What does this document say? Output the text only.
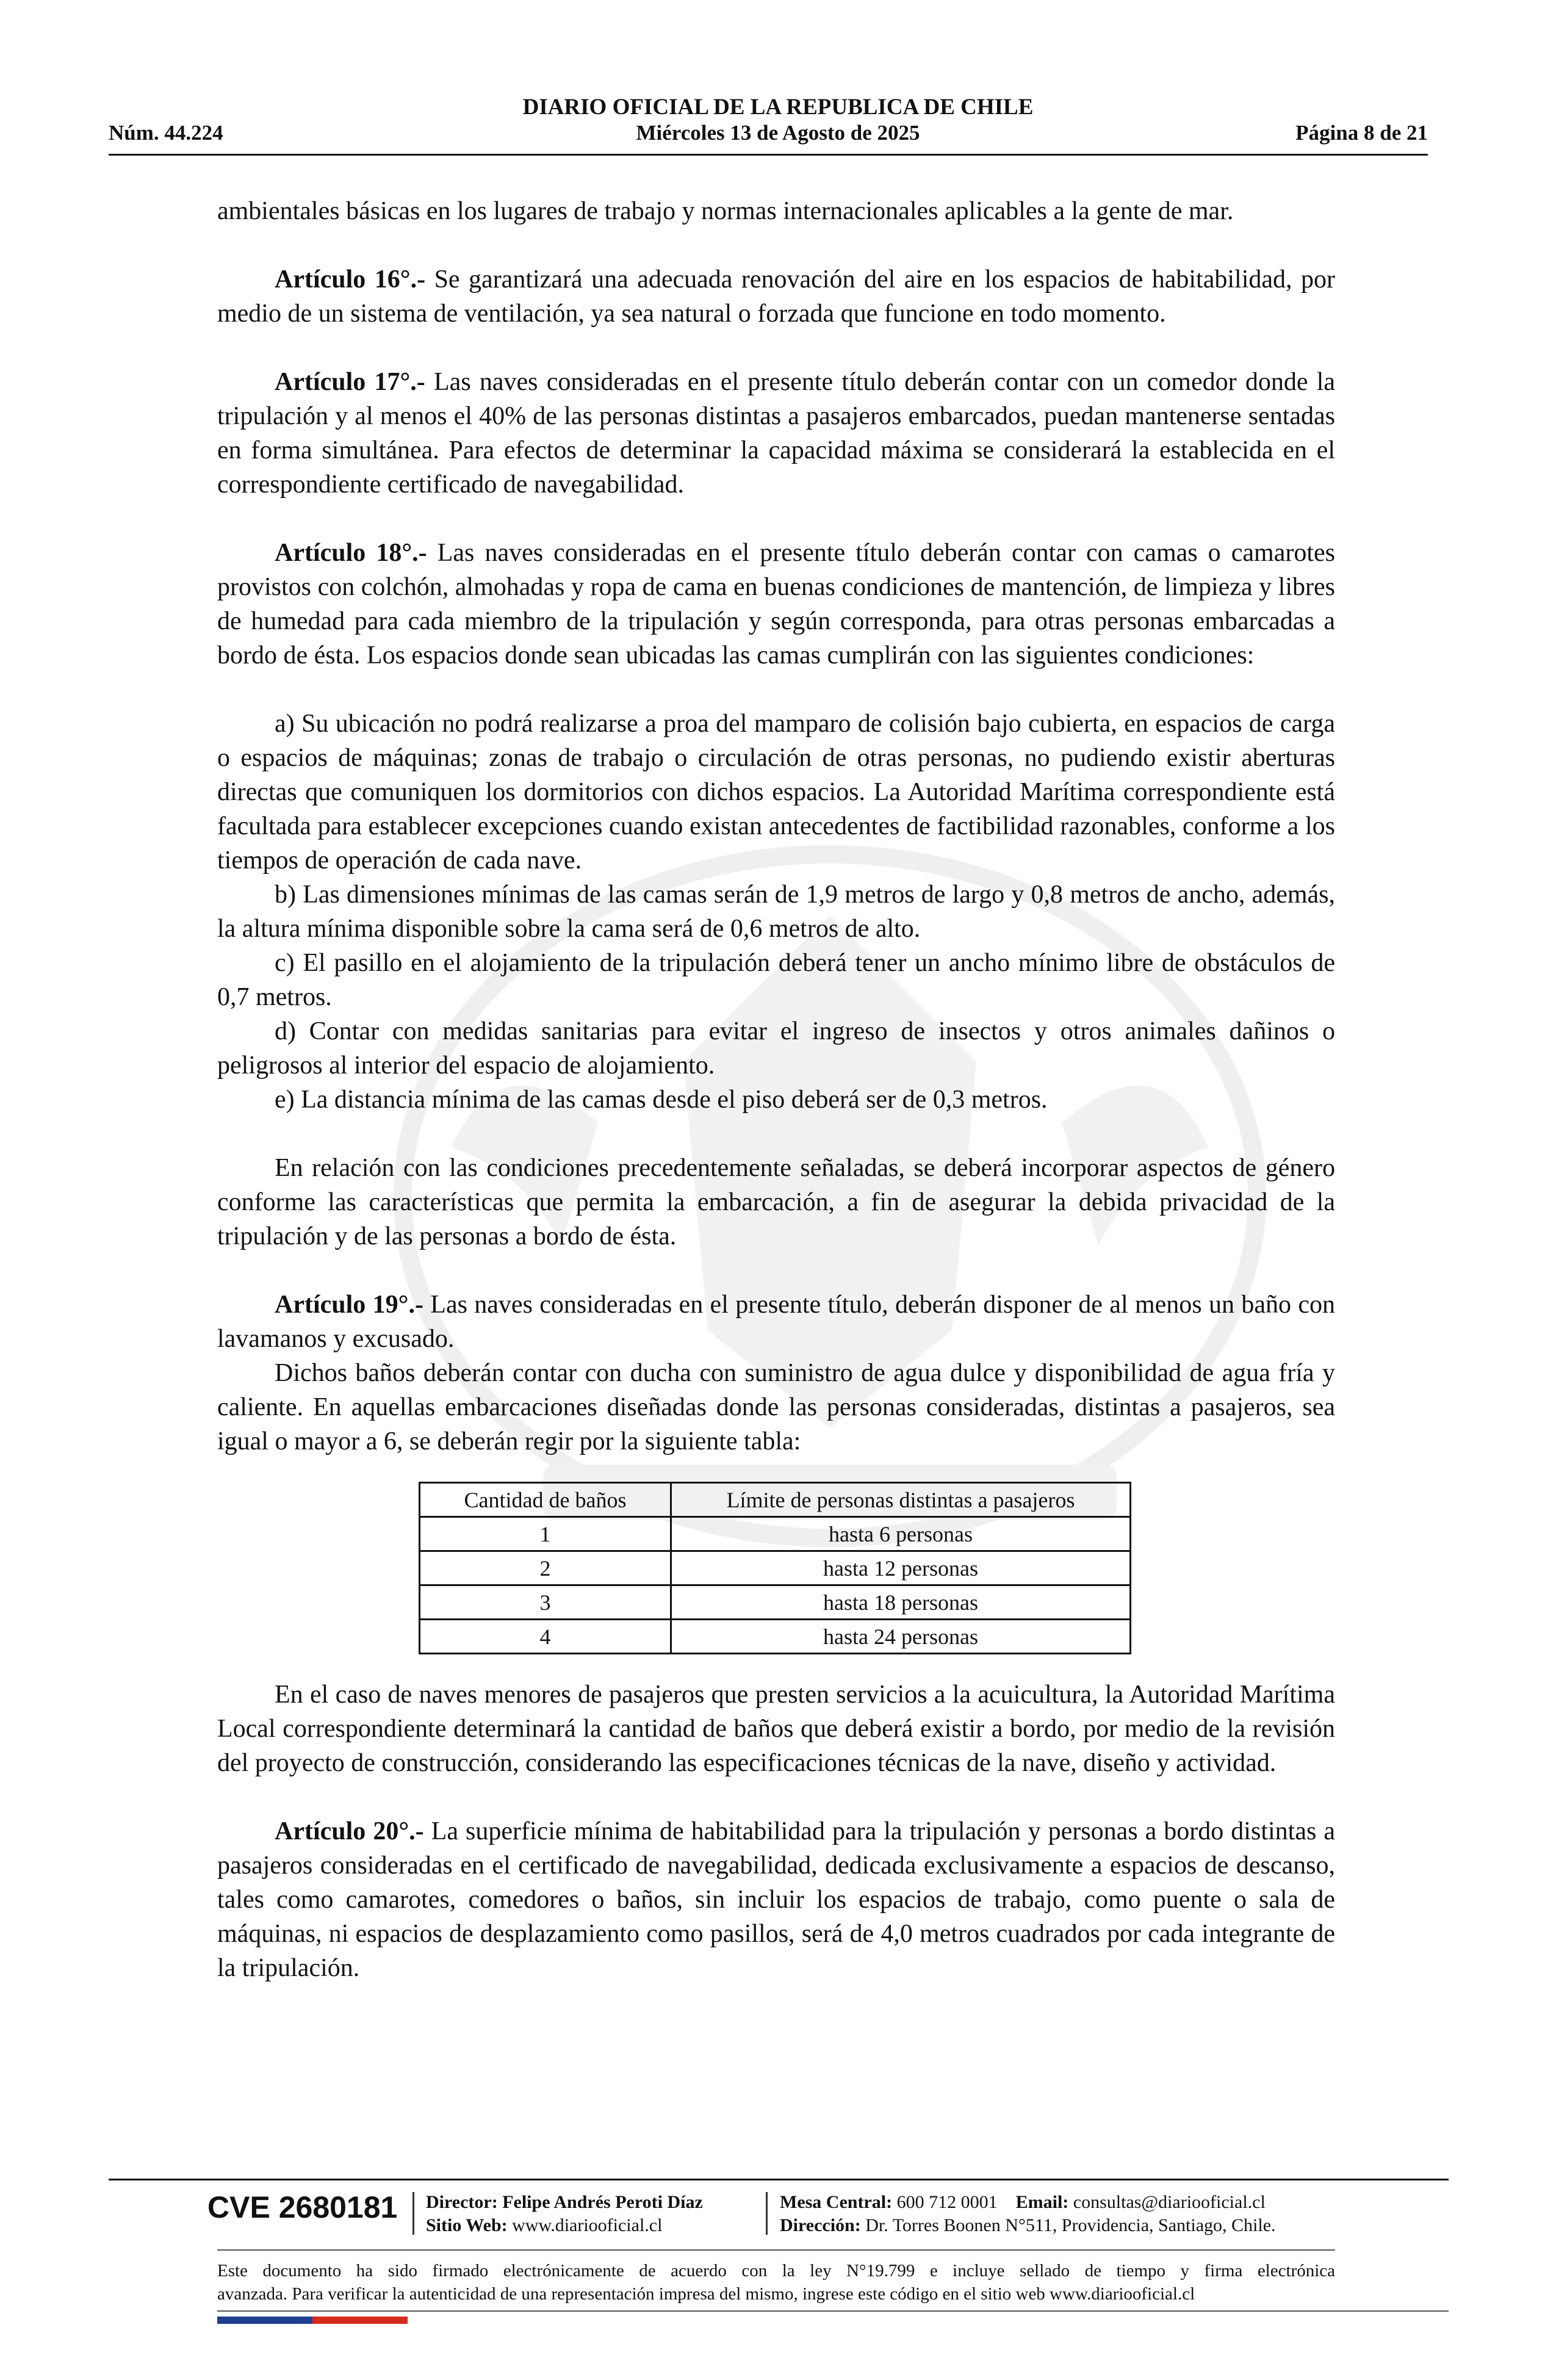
DIARIO OFICIAL DE LA REPUBLICA DE CHILE
Núm. 44.224	Miércoles 13 de Agosto de 2025	Página 8 de 21

ambientales básicas en los lugares de trabajo y normas internacionales aplicables a la gente de mar.

Artículo 16°.- Se garantizará una adecuada renovación del aire en los espacios de habitabilidad, por medio de un sistema de ventilación, ya sea natural o forzada que funcione en todo momento.

Artículo 17°.- Las naves consideradas en el presente título deberán contar con un comedor donde la tripulación y al menos el 40% de las personas distintas a pasajeros embarcados, puedan mantenerse sentadas en forma simultánea. Para efectos de determinar la capacidad máxima se considerará la establecida en el correspondiente certificado de navegabilidad.

Artículo 18°.- Las naves consideradas en el presente título deberán contar con camas o camarotes provistos con colchón, almohadas y ropa de cama en buenas condiciones de mantención, de limpieza y libres de humedad para cada miembro de la tripulación y según corresponda, para otras personas embarcadas a bordo de ésta. Los espacios donde sean ubicadas las camas cumplirán con las siguientes condiciones:

a) Su ubicación no podrá realizarse a proa del mamparo de colisión bajo cubierta, en espacios de carga o espacios de máquinas; zonas de trabajo o circulación de otras personas, no pudiendo existir aberturas directas que comuniquen los dormitorios con dichos espacios. La Autoridad Marítima correspondiente está facultada para establecer excepciones cuando existan antecedentes de factibilidad razonables, conforme a los tiempos de operación de cada nave.

b) Las dimensiones mínimas de las camas serán de 1,9 metros de largo y 0,8 metros de ancho, además, la altura mínima disponible sobre la cama será de 0,6 metros de alto.

c) El pasillo en el alojamiento de la tripulación deberá tener un ancho mínimo libre de obstáculos de 0,7 metros.

d) Contar con medidas sanitarias para evitar el ingreso de insectos y otros animales dañinos o peligrosos al interior del espacio de alojamiento.

e) La distancia mínima de las camas desde el piso deberá ser de 0,3 metros.

En relación con las condiciones precedentemente señaladas, se deberá incorporar aspectos de género conforme las características que permita la embarcación, a fin de asegurar la debida privacidad de la tripulación y de las personas a bordo de ésta.

Artículo 19°.- Las naves consideradas en el presente título, deberán disponer de al menos un baño con lavamanos y excusado.

Dichos baños deberán contar con ducha con suministro de agua dulce y disponibilidad de agua fría y caliente. En aquellas embarcaciones diseñadas donde las personas consideradas, distintas a pasajeros, sea igual o mayor a 6, se deberán regir por la siguiente tabla:

Cantidad de baños	Límite de personas distintas a pasajeros
1	hasta 6 personas
2	hasta 12 personas
3	hasta 18 personas
4	hasta 24 personas

En el caso de naves menores de pasajeros que presten servicios a la acuicultura, la Autoridad Marítima Local correspondiente determinará la cantidad de baños que deberá existir a bordo, por medio de la revisión del proyecto de construcción, considerando las especificaciones técnicas de la nave, diseño y actividad.

Artículo 20°.- La superficie mínima de habitabilidad para la tripulación y personas a bordo distintas a pasajeros consideradas en el certificado de navegabilidad, dedicada exclusivamente a espacios de descanso, tales como camarotes, comedores o baños, sin incluir los espacios de trabajo, como puente o sala de máquinas, ni espacios de desplazamiento como pasillos, será de 4,0 metros cuadrados por cada integrante de la tripulación.

CVE 2680181 Director: Felipe Andrés Peroti Díaz
Sitio Web: www.diariooficial.cl
Mesa Central: 600 712 0001 Email: consultas@diariooficial.cl
Dirección: Dr. Torres Boonen N°511, Providencia, Santiago, Chile.
Este documento ha sido firmado electrónicamente de acuerdo con la ley N°19.799 e incluye sellado de tiempo y firma electrónica
avanzada. Para verificar la autenticidad de una representación impresa del mismo, ingrese este código en el sitio web www.diariooficial.cl
